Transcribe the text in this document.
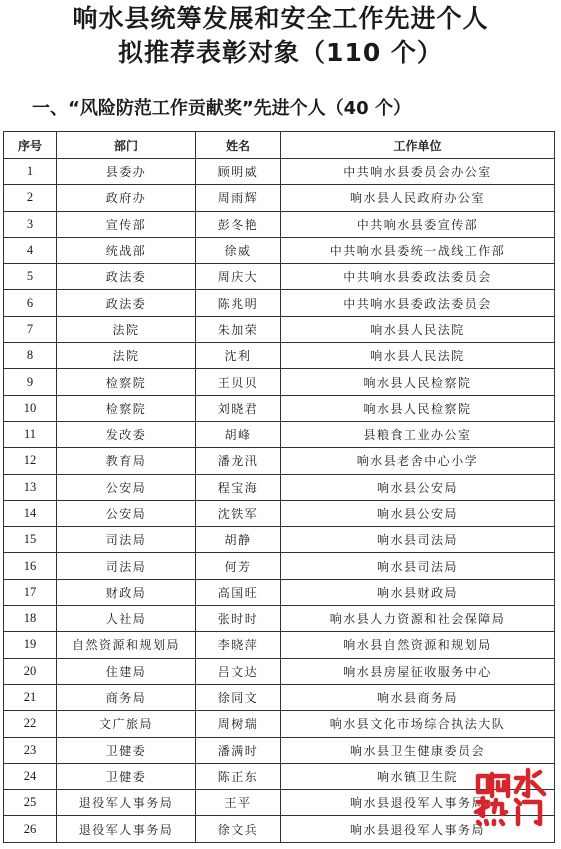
响水县统筹发展和安全工作先进个人
拟推荐表彰对象（110 个）
一、“风险防范工作贡献奖”先进个人（40 个）
序号	部门	姓名	工作单位
1	县委办	顾明威	中共响水县委员会办公室
2	政府办	周雨辉	响水县人民政府办公室
3	宣传部	彭冬艳	中共响水县委宣传部
4	统战部	徐威	中共响水县委统一战线工作部
5	政法委	周庆大	中共响水县委政法委员会
6	政法委	陈兆明	中共响水县委政法委员会
7	法院	朱加荣	响水县人民法院
8	法院	沈利	响水县人民法院
9	检察院	王贝贝	响水县人民检察院
10	检察院	刘晓君	响水县人民检察院
11	发改委	胡峰	县粮食工业办公室
12	教育局	潘龙汛	响水县老舍中心小学
13	公安局	程宝海	响水县公安局
14	公安局	沈铁军	响水县公安局
15	司法局	胡静	响水县司法局
16	司法局	何芳	响水县司法局
17	财政局	高国旺	响水县财政局
18	人社局	张时时	响水县人力资源和社会保障局
19	自然资源和规划局	李晓萍	响水县自然资源和规划局
20	住建局	吕文达	响水县房屋征收服务中心
21	商务局	徐同文	响水县商务局
22	文广旅局	周树瑞	响水县文化市场综合执法大队
23	卫健委	潘满时	响水县卫生健康委员会
24	卫健委	陈正东	响水镇卫生院
25	退役军人事务局	王平	响水县退役军人事务局
26	退役军人事务局	徐文兵	响水县退役军人事务局
